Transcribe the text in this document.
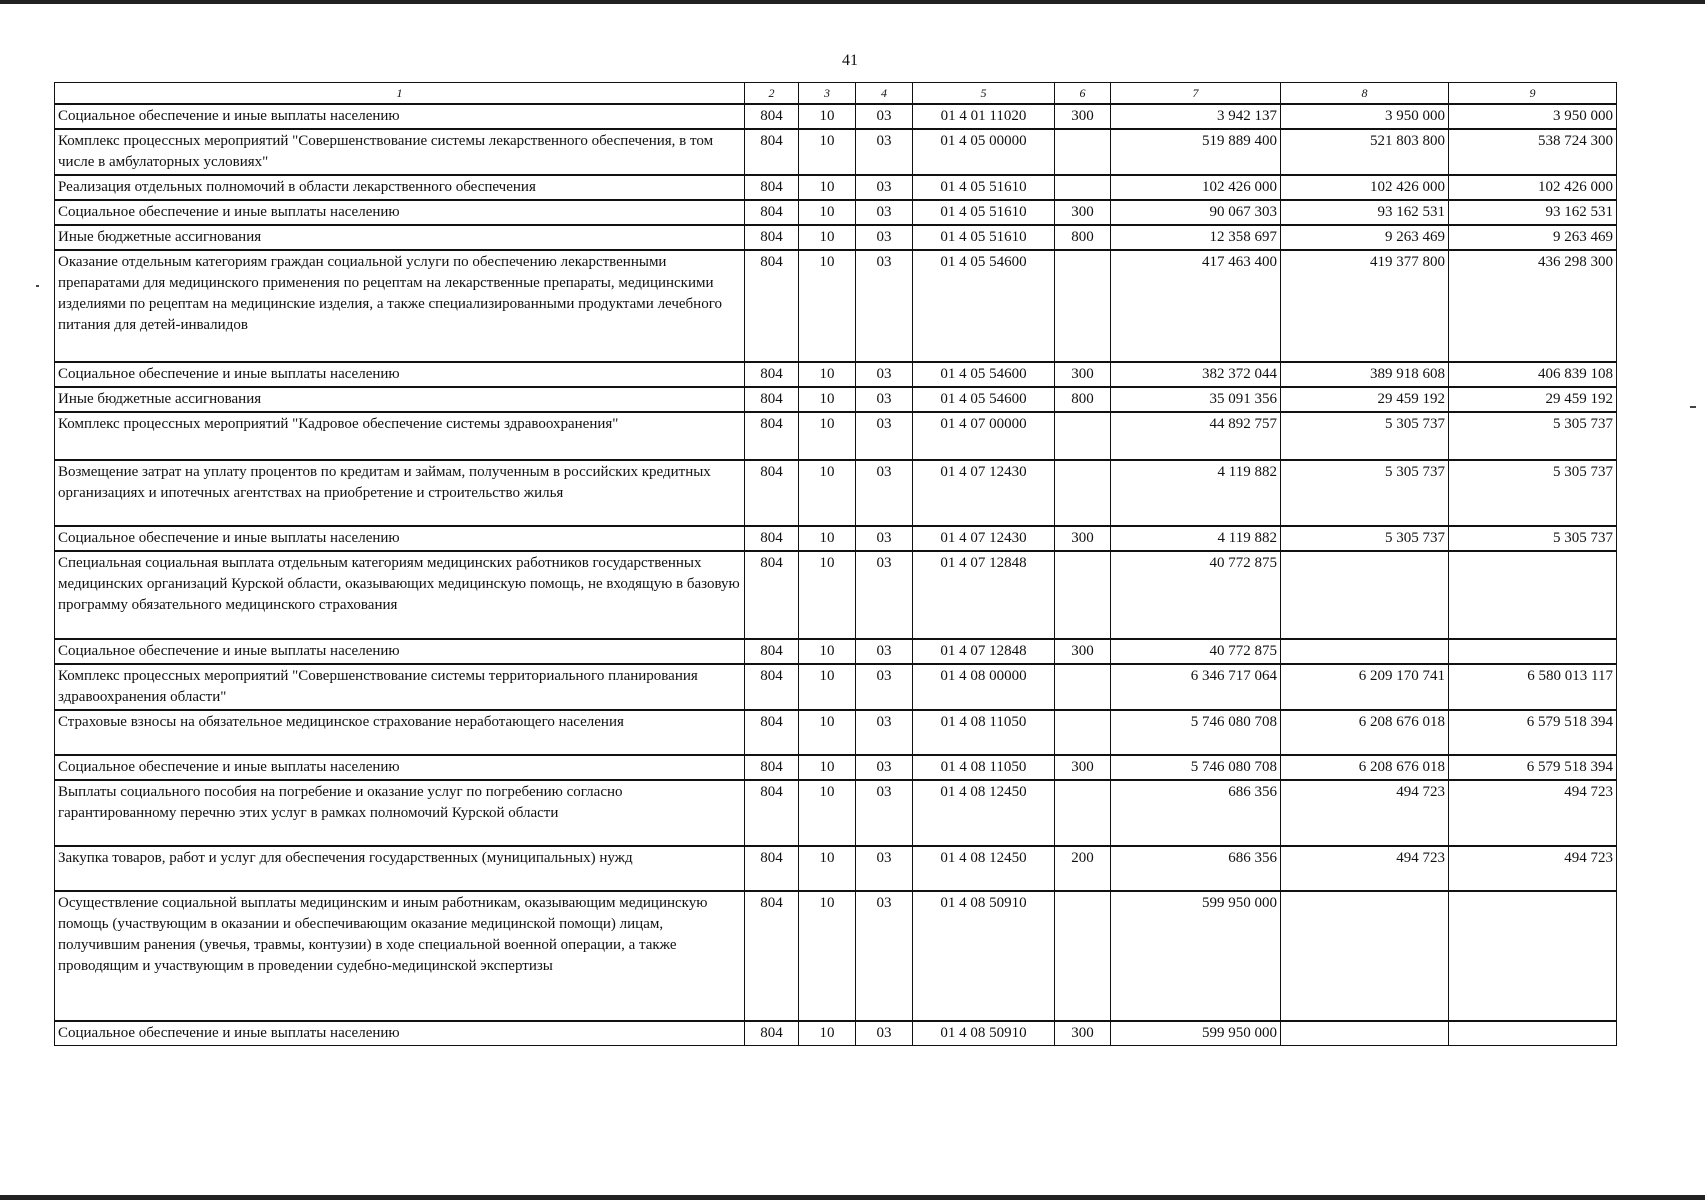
41
1	2	3	4	5	6	7	8	9
Социальное обеспечение и иные выплаты населению	804	10	03	01 4 01 11020	300	3 942 137	3 950 000	3 950 000
Комплекс процессных мероприятий "Совершенствование системы лекарственного обеспечения, в том числе в амбулаторных условиях"	804	10	03	01 4 05 00000		519 889 400	521 803 800	538 724 300
Реализация отдельных полномочий в области лекарственного обеспечения	804	10	03	01 4 05 51610		102 426 000	102 426 000	102 426 000
Социальное обеспечение и иные выплаты населению	804	10	03	01 4 05 51610	300	90 067 303	93 162 531	93 162 531
Иные бюджетные ассигнования	804	10	03	01 4 05 51610	800	12 358 697	9 263 469	9 263 469
Оказание отдельным категориям граждан социальной услуги по обеспечению лекарственными препаратами для медицинского применения по рецептам на лекарственные препараты, медицинскими изделиями по рецептам на медицинские изделия, а также специализированными продуктами лечебного питания для детей-инвалидов	804	10	03	01 4 05 54600		417 463 400	419 377 800	436 298 300
Социальное обеспечение и иные выплаты населению	804	10	03	01 4 05 54600	300	382 372 044	389 918 608	406 839 108
Иные бюджетные ассигнования	804	10	03	01 4 05 54600	800	35 091 356	29 459 192	29 459 192
Комплекс процессных мероприятий "Кадровое обеспечение системы здравоохранения"	804	10	03	01 4 07 00000		44 892 757	5 305 737	5 305 737
Возмещение затрат на уплату процентов по кредитам и займам, полученным в российских кредитных организациях и ипотечных агентствах на приобретение и строительство жилья	804	10	03	01 4 07 12430		4 119 882	5 305 737	5 305 737
Социальное обеспечение и иные выплаты населению	804	10	03	01 4 07 12430	300	4 119 882	5 305 737	5 305 737
Специальная социальная выплата отдельным категориям медицинских работников государственных медицинских организаций Курской области, оказывающих медицинскую помощь, не входящую в базовую программу обязательного медицинского страхования	804	10	03	01 4 07 12848		40 772 875		
Социальное обеспечение и иные выплаты населению	804	10	03	01 4 07 12848	300	40 772 875		
Комплекс процессных мероприятий "Совершенствование системы территориального планирования здравоохранения области"	804	10	03	01 4 08 00000		6 346 717 064	6 209 170 741	6 580 013 117
Страховые взносы на обязательное медицинское страхование неработающего населения	804	10	03	01 4 08 11050		5 746 080 708	6 208 676 018	6 579 518 394
Социальное обеспечение и иные выплаты населению	804	10	03	01 4 08 11050	300	5 746 080 708	6 208 676 018	6 579 518 394
Выплаты социального пособия на погребение и оказание услуг по погребению согласно гарантированному перечню этих услуг в рамках полномочий Курской области	804	10	03	01 4 08 12450		686 356	494 723	494 723
Закупка товаров, работ и услуг для обеспечения государственных (муниципальных) нужд	804	10	03	01 4 08 12450	200	686 356	494 723	494 723
Осуществление социальной выплаты медицинским и иным работникам, оказывающим медицинскую помощь (участвующим в оказании и обеспечивающим оказание медицинской помощи) лицам, получившим ранения (увечья, травмы, контузии) в ходе специальной военной операции, а также проводящим и участвующим в проведении судебно-медицинской экспертизы	804	10	03	01 4 08 50910		599 950 000		
Социальное обеспечение и иные выплаты населению	804	10	03	01 4 08 50910	300	599 950 000		
